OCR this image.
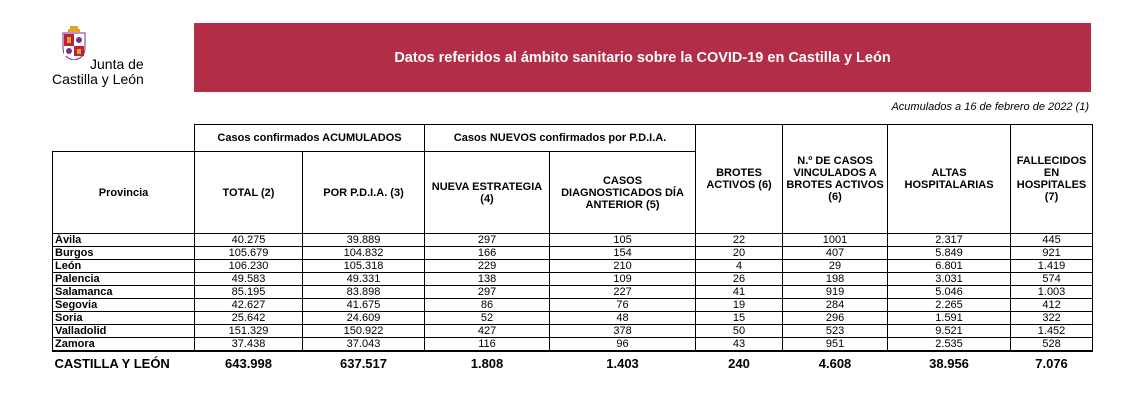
Junta de
Castilla y León
Datos referidos al ámbito sanitario sobre la COVID-19 en Castilla y León
Acumulados a 16 de febrero de 2022 (1)
	Casos confirmados ACUMULADOS		Casos NUEVOS confirmados por P.D.I.A.		BROTES ACTIVOS (6)	N.º DE CASOS VINCULADOS A BROTES ACTIVOS (6)	ALTAS HOSPITALARIAS	FALLECIDOS EN HOSPITALES (7)
Provincia	TOTAL (2)	POR P.D.I.A. (3)	NUEVA ESTRATEGIA (4)	CASOS DIAGNOSTICADOS DÍA ANTERIOR (5)				
Ávila	40.275	39.889	297	105	22	1001	2.317	445
Burgos	105.679	104.832	166	154	20	407	5.849	921
León	106.230	105.318	229	210	4	29	6.801	1.419
Palencia	49.583	49.331	138	109	26	198	3.031	574
Salamanca	85.195	83.898	297	227	41	919	5.046	1.003
Segovia	42.627	41.675	86	76	19	284	2.265	412
Soria	25.642	24.609	52	48	15	296	1.591	322
Valladolid	151.329	150.922	427	378	50	523	9.521	1.452
Zamora	37.438	37.043	116	96	43	951	2.535	528
CASTILLA Y LEÓN	643.998	637.517	1.808	1.403	240	4.608	38.956	7.076
